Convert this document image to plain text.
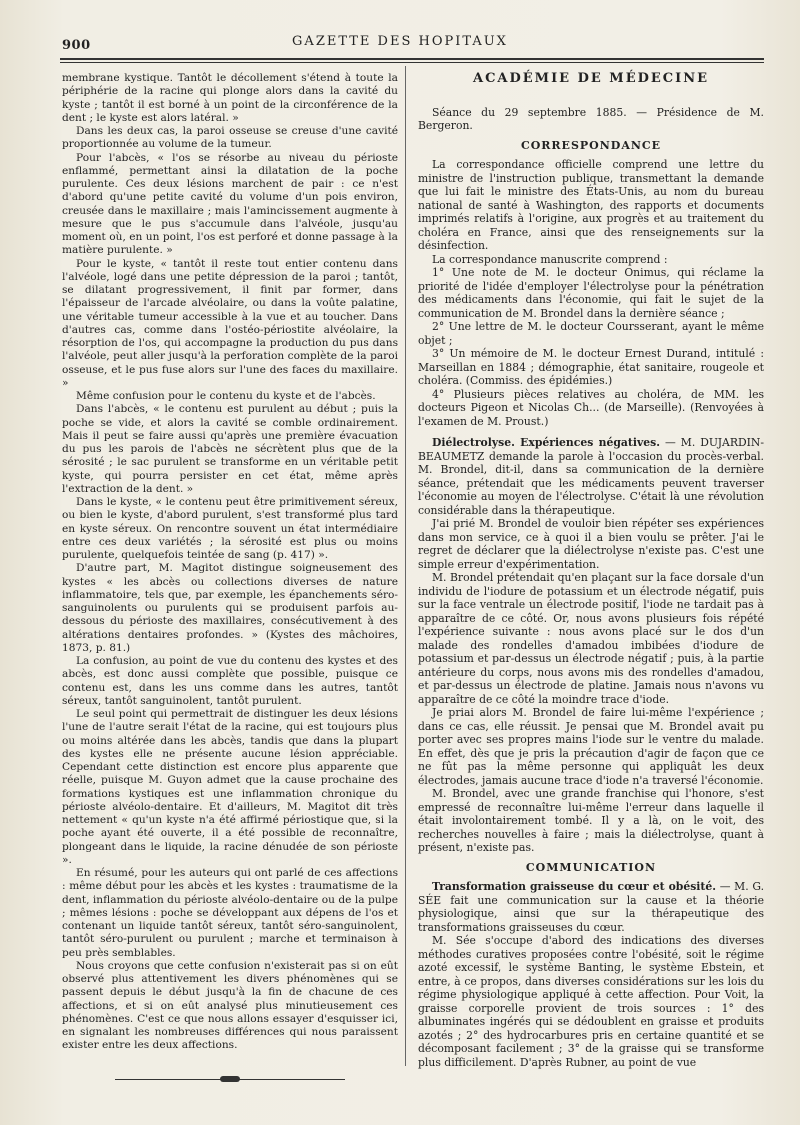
900	GAZETTE DES HOPITAUX

membrane kystique. Tantôt le décollement s'étend à toute la périphérie de la racine qui plonge alors dans la cavité du kyste ; tantôt il est borné à un point de la circonférence de la dent ; le kyste est alors latéral. »

Dans les deux cas, la paroi osseuse se creuse d'une cavité proportionnée au volume de la tumeur.

Pour l'abcès, « l'os se résorbe au niveau du périoste enflammé, permettant ainsi la dilatation de la poche purulente. Ces deux lésions marchent de pair : ce n'est d'abord qu'une petite cavité du volume d'un pois environ, creusée dans le maxillaire ; mais l'amincissement augmente à mesure que le pus s'accumule dans l'alvéole, jusqu'au moment où, en un point, l'os est perforé et donne passage à la matière purulente. »

Pour le kyste, « tantôt il reste tout entier contenu dans l'alvéole, logé dans une petite dépression de la paroi ; tantôt, se dilatant progressivement, il finit par former, dans l'épaisseur de l'arcade alvéolaire, ou dans la voûte palatine, une véritable tumeur accessible à la vue et au toucher. Dans d'autres cas, comme dans l'ostéo-périostite alvéolaire, la résorption de l'os, qui accompagne la production du pus dans l'alvéole, peut aller jusqu'à la perforation complète de la paroi osseuse, et le pus fuse alors sur l'une des faces du maxillaire. »

Même confusion pour le contenu du kyste et de l'abcès.

Dans l'abcès, « le contenu est purulent au début ; puis la poche se vide, et alors la cavité se comble ordinairement. Mais il peut se faire aussi qu'après une première évacuation du pus les parois de l'abcès ne sécrètent plus que de la sérosité ; le sac purulent se transforme en un véritable petit kyste, qui pourra persister en cet état, même après l'extraction de la dent. »

Dans le kyste, « le contenu peut être primitivement séreux, ou bien le kyste, d'abord purulent, s'est transformé plus tard en kyste séreux. On rencontre souvent un état intermédiaire entre ces deux variétés ; la sérosité est plus ou moins purulente, quelquefois teintée de sang (p. 417) ».

D'autre part, M. Magitot distingue soigneusement des kystes « les abcès ou collections diverses de nature inflammatoire, tels que, par exemple, les épanchements séro-sanguinolents ou purulents qui se produisent parfois au-dessous du périoste des maxillaires, consécutivement à des altérations dentaires profondes. » (Kystes des mâchoires, 1873, p. 81.)

La confusion, au point de vue du contenu des kystes et des abcès, est donc aussi complète que possible, puisque ce contenu est, dans les uns comme dans les autres, tantôt séreux, tantôt sanguinolent, tantôt purulent.

Le seul point qui permettrait de distinguer les deux lésions l'une de l'autre serait l'état de la racine, qui est toujours plus ou moins altérée dans les abcès, tandis que dans la plupart des kystes elle ne présente aucune lésion appréciable. Cependant cette distinction est encore plus apparente que réelle, puisque M. Guyon admet que la cause prochaine des formations kystiques est une inflammation chronique du périoste alvéolo-dentaire. Et d'ailleurs, M. Magitot dit très nettement « qu'un kyste n'a été affirmé périostique que, si la poche ayant été ouverte, il a été possible de reconnaître, plongeant dans le liquide, la racine dénudée de son périoste ».

En résumé, pour les auteurs qui ont parlé de ces affections : même début pour les abcès et les kystes : traumatisme de la dent, inflammation du périoste alvéolo-dentaire ou de la pulpe ; mêmes lésions : poche se développant aux dépens de l'os et contenant un liquide tantôt séreux, tantôt séro-sanguinolent, tantôt séro-purulent ou purulent ; marche et terminaison à peu près semblables.

Nous croyons que cette confusion n'existerait pas si on eût observé plus attentivement les divers phénomènes qui se passent depuis le début jusqu'à la fin de chacune de ces affections, et si on eût analysé plus minutieusement ces phénomènes. C'est ce que nous allons essayer d'esquisser ici, en signalant les nombreuses différences qui nous paraissent exister entre les deux affections.

ACADÉMIE DE MÉDECINE

Séance du 29 septembre 1885. — Présidence de M. Bergeron.

CORRESPONDANCE

La correspondance officielle comprend une lettre du ministre de l'instruction publique, transmettant la demande que lui fait le ministre des États-Unis, au nom du bureau national de santé à Washington, des rapports et documents imprimés relatifs à l'origine, aux progrès et au traitement du choléra en France, ainsi que des renseignements sur la désinfection.

La correspondance manuscrite comprend :

1° Une note de M. le docteur Onimus, qui réclame la priorité de l'idée d'employer l'électrolyse pour la pénétration des médicaments dans l'économie, qui fait le sujet de la communication de M. Brondel dans la dernière séance ;

2° Une lettre de M. le docteur Coursserant, ayant le même objet ;

3° Un mémoire de M. le docteur Ernest Durand, intitulé : Marseillan en 1884 ; démographie, état sanitaire, rougeole et choléra. (Commiss. des épidémies.)

4° Plusieurs pièces relatives au choléra, de MM. les docteurs Pigeon et Nicolas Ch... (de Marseille). (Renvoyées à l'examen de M. Proust.)

Diélectrolyse. Expériences négatives. — M. DUJARDIN-BEAUMETZ demande la parole à l'occasion du procès-verbal. M. Brondel, dit-il, dans sa communication de la dernière séance, prétendait que les médicaments peuvent traverser l'économie au moyen de l'électrolyse. C'était là une révolution considérable dans la thérapeutique.

J'ai prié M. Brondel de vouloir bien répéter ses expériences dans mon service, ce à quoi il a bien voulu se prêter. J'ai le regret de déclarer que la diélectrolyse n'existe pas. C'est une simple erreur d'expérimentation.

M. Brondel prétendait qu'en plaçant sur la face dorsale d'un individu de l'iodure de potassium et un électrode négatif, puis sur la face ventrale un électrode positif, l'iode ne tardait pas à apparaître de ce côté. Or, nous avons plusieurs fois répété l'expérience suivante : nous avons placé sur le dos d'un malade des rondelles d'amadou imbibées d'iodure de potassium et par-dessus un électrode négatif ; puis, à la partie antérieure du corps, nous avons mis des rondelles d'amadou, et par-dessus un électrode de platine. Jamais nous n'avons vu apparaître de ce côté la moindre trace d'iode.

Je priai alors M. Brondel de faire lui-même l'expérience ; dans ce cas, elle réussit. Je pensai que M. Brondel avait pu porter avec ses propres mains l'iode sur le ventre du malade. En effet, dès que je pris la précaution d'agir de façon que ce ne fût pas la même personne qui appliquât les deux électrodes, jamais aucune trace d'iode n'a traversé l'économie.

M. Brondel, avec une grande franchise qui l'honore, s'est empressé de reconnaître lui-même l'erreur dans laquelle il était involontairement tombé. Il y a là, on le voit, des recherches nouvelles à faire ; mais la diélectrolyse, quant à présent, n'existe pas.

COMMUNICATION

Transformation graisseuse du cœur et obésité. — M. G. SÉE fait une communication sur la cause et la théorie physiologique, ainsi que sur la thérapeutique des transformations graisseuses du cœur.

M. Sée s'occupe d'abord des indications des diverses méthodes curatives proposées contre l'obésité, soit le régime azoté excessif, le système Banting, le système Ebstein, et entre, à ce propos, dans diverses considérations sur les lois du régime physiologique appliqué à cette affection. Pour Voit, la graisse corporelle provient de trois sources : 1° des albuminates ingérés qui se dédoublent en graisse et produits azotés ; 2° des hydrocarbures pris en certaine quantité et se décomposant facilement ; 3° de la graisse qui se transforme plus difficilement. D'après Rubner, au point de vue
